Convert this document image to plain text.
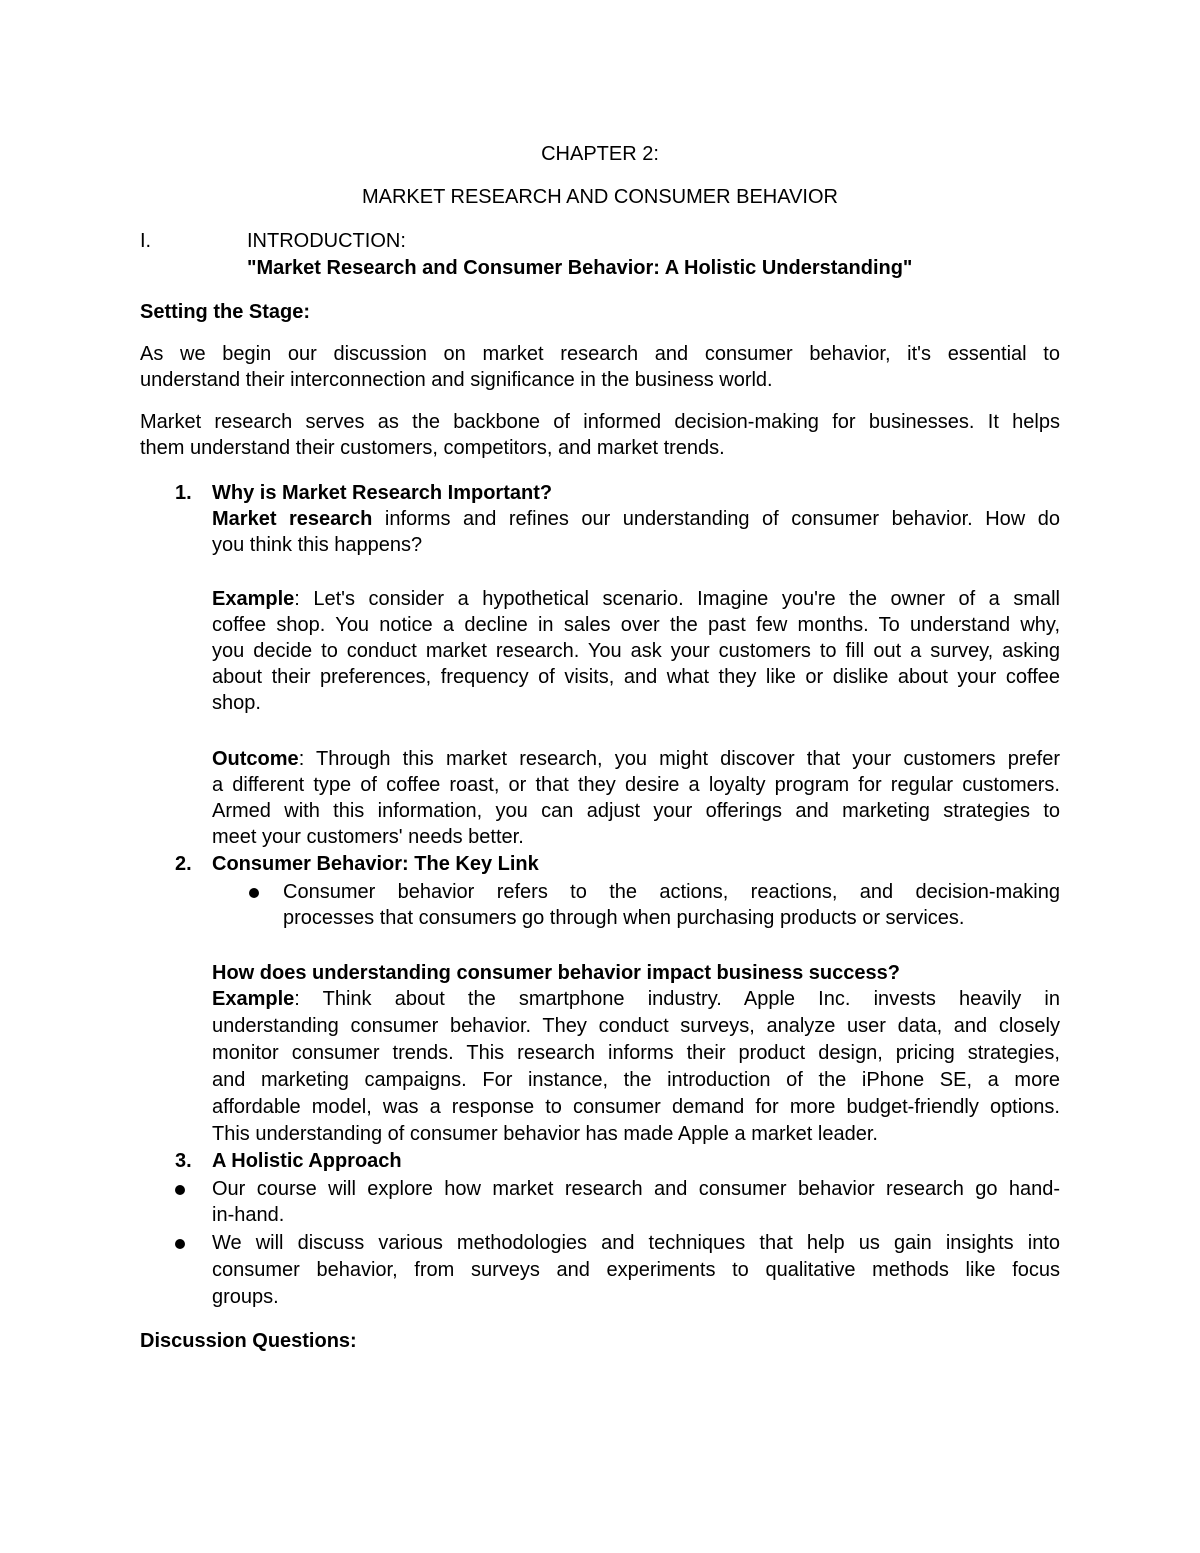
CHAPTER 2:
MARKET RESEARCH AND CONSUMER BEHAVIOR
I.	INTRODUCTION:
"Market Research and Consumer Behavior: A Holistic Understanding"
Setting the Stage:
As we begin our discussion on market research and consumer behavior, it's essential to
understand their interconnection and significance in the business world.
Market research serves as the backbone of informed decision-making for businesses. It helps
them understand their customers, competitors, and market trends.
1. Why is Market Research Important?
Market research informs and refines our understanding of consumer behavior. How do
you think this happens?
Example: Let's consider a hypothetical scenario. Imagine you're the owner of a small
coffee shop. You notice a decline in sales over the past few months. To understand why,
you decide to conduct market research. You ask your customers to fill out a survey, asking
about their preferences, frequency of visits, and what they like or dislike about your coffee
shop.
Outcome: Through this market research, you might discover that your customers prefer
a different type of coffee roast, or that they desire a loyalty program for regular customers.
Armed with this information, you can adjust your offerings and marketing strategies to
meet your customers' needs better.
2. Consumer Behavior: The Key Link
Consumer behavior refers to the actions, reactions, and decision-making
processes that consumers go through when purchasing products or services.
How does understanding consumer behavior impact business success?
Example: Think about the smartphone industry. Apple Inc. invests heavily in
understanding consumer behavior. They conduct surveys, analyze user data, and closely
monitor consumer trends. This research informs their product design, pricing strategies,
and marketing campaigns. For instance, the introduction of the iPhone SE, a more
affordable model, was a response to consumer demand for more budget-friendly options.
This understanding of consumer behavior has made Apple a market leader.
3. A Holistic Approach
Our course will explore how market research and consumer behavior research go hand-
in-hand.
We will discuss various methodologies and techniques that help us gain insights into
consumer behavior, from surveys and experiments to qualitative methods like focus
groups.
Discussion Questions:
